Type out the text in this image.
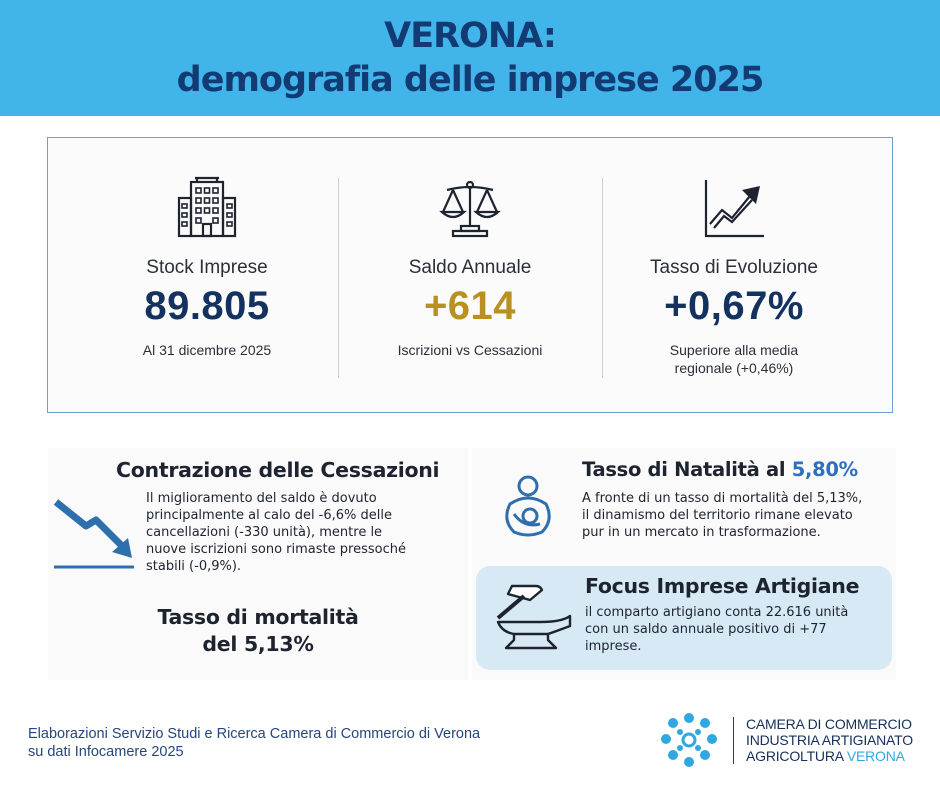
VERONA:
demografia delle imprese 2025
Stock Imprese
89.805
Al 31 dicembre 2025
Saldo Annuale
+614
Iscrizioni vs Cessazioni
Tasso di Evoluzione
+0,67%
Superiore alla media
regionale (+0,46%)
Contrazione delle Cessazioni
Il miglioramento del saldo è dovuto
principalmente al calo del -6,6% delle
cancellazioni (-330 unità), mentre le
nuove iscrizioni sono rimaste pressoché
stabili (-0,9%).
Tasso di mortalità
del 5,13%
Tasso di Natalità al 5,80%
A fronte di un tasso di mortalità del 5,13%,
il dinamismo del territorio rimane elevato
pur in un mercato in trasformazione.
Focus Imprese Artigiane
il comparto artigiano conta 22.616 unità
con un saldo annuale positivo di +77
imprese.
Elaborazioni Servizio Studi e Ricerca Camera di Commercio di Verona
su dati Infocamere 2025
CAMERA DI COMMERCIO
INDUSTRIA ARTIGIANATO
AGRICOLTURA VERONA
